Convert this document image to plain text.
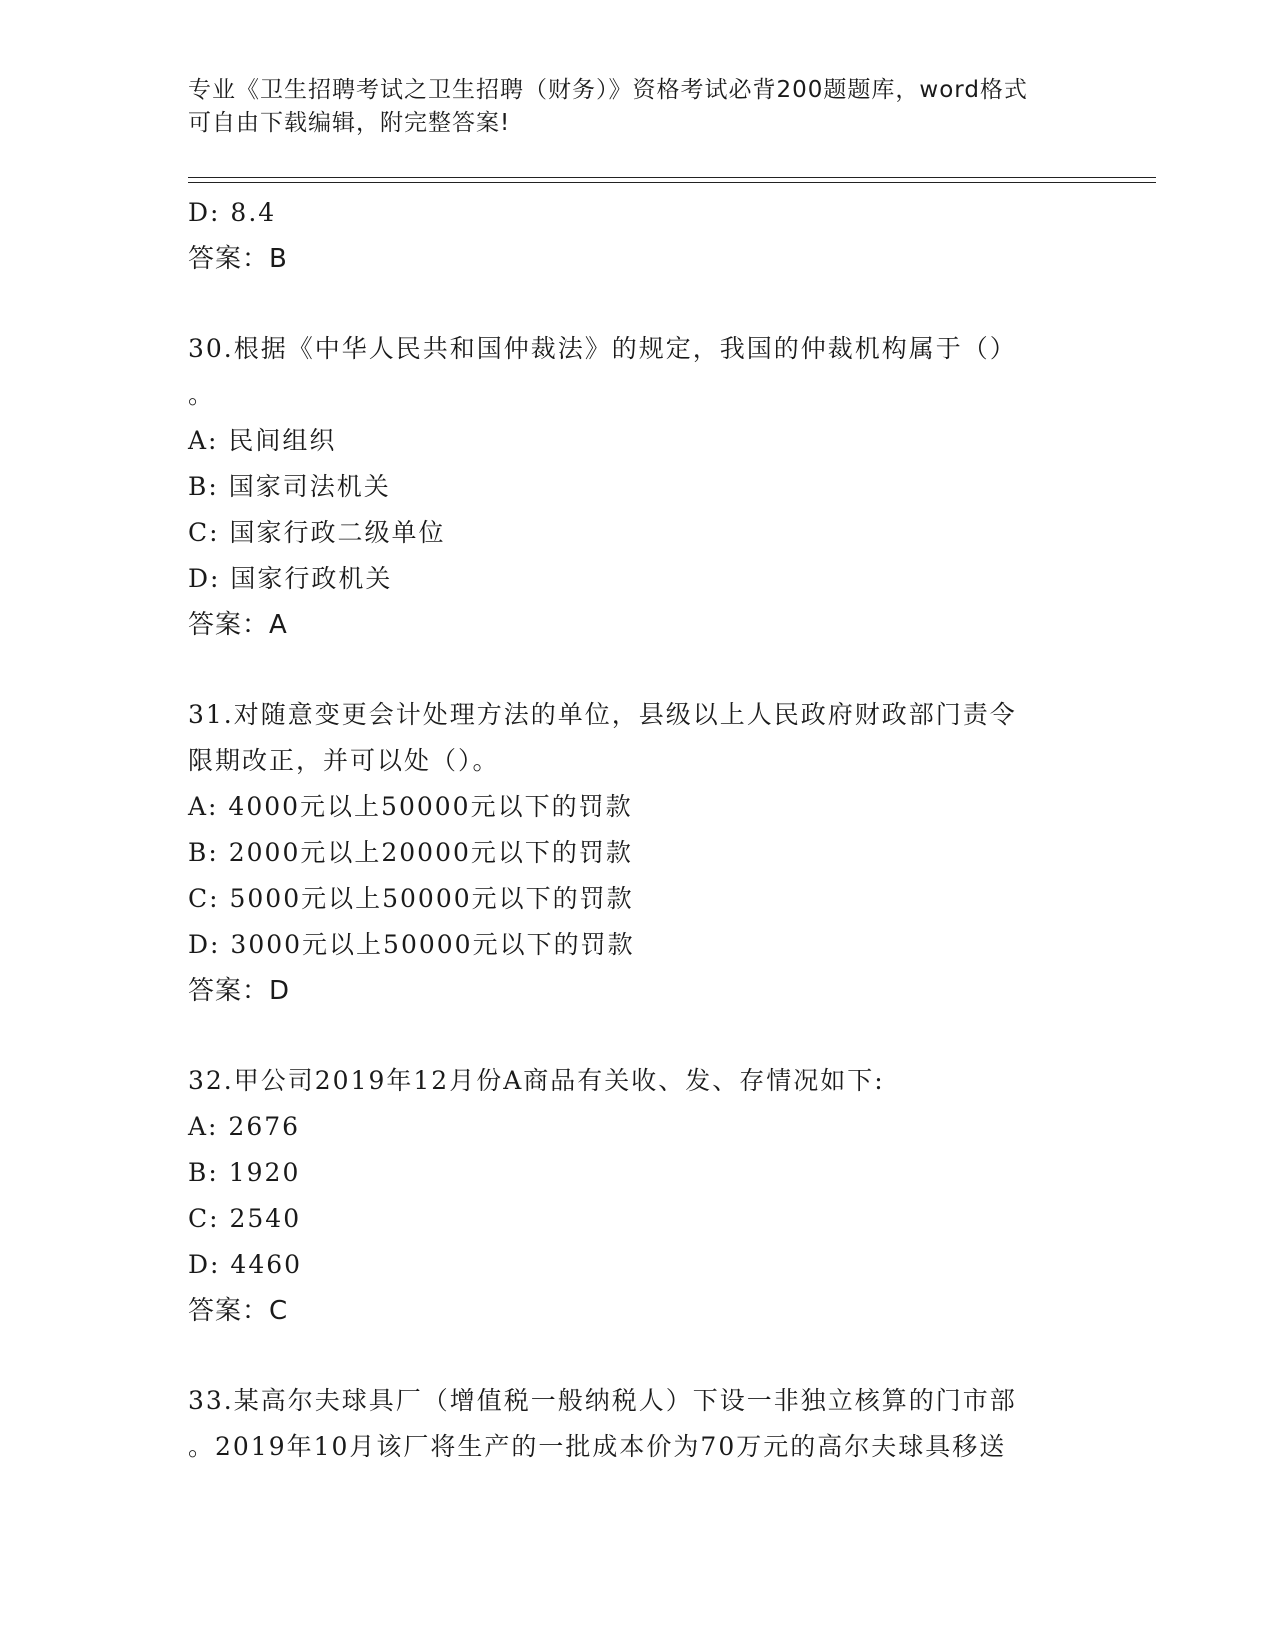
专业《卫生招聘考试之卫生招聘（财务）》资格考试必背200题题库，word格式
可自由下载编辑，附完整答案!
D: 8.4
答案：B
30.根据《中华人民共和国仲裁法》的规定，我国的仲裁机构属于（）
。
A: 民间组织
B: 国家司法机关
C: 国家行政二级单位
D: 国家行政机关
答案：A
31.对随意变更会计处理方法的单位，县级以上人民政府财政部门责令
限期改正，并可以处（）。
A: 4000元以上50000元以下的罚款
B: 2000元以上20000元以下的罚款
C: 5000元以上50000元以下的罚款
D: 3000元以上50000元以下的罚款
答案：D
32.甲公司2019年12月份A商品有关收、发、存情况如下:
A: 2676
B: 1920
C: 2540
D: 4460
答案：C
33.某高尔夫球具厂（增值税一般纳税人）下设一非独立核算的门市部
。2019年10月该厂将生产的一批成本价为70万元的高尔夫球具移送
